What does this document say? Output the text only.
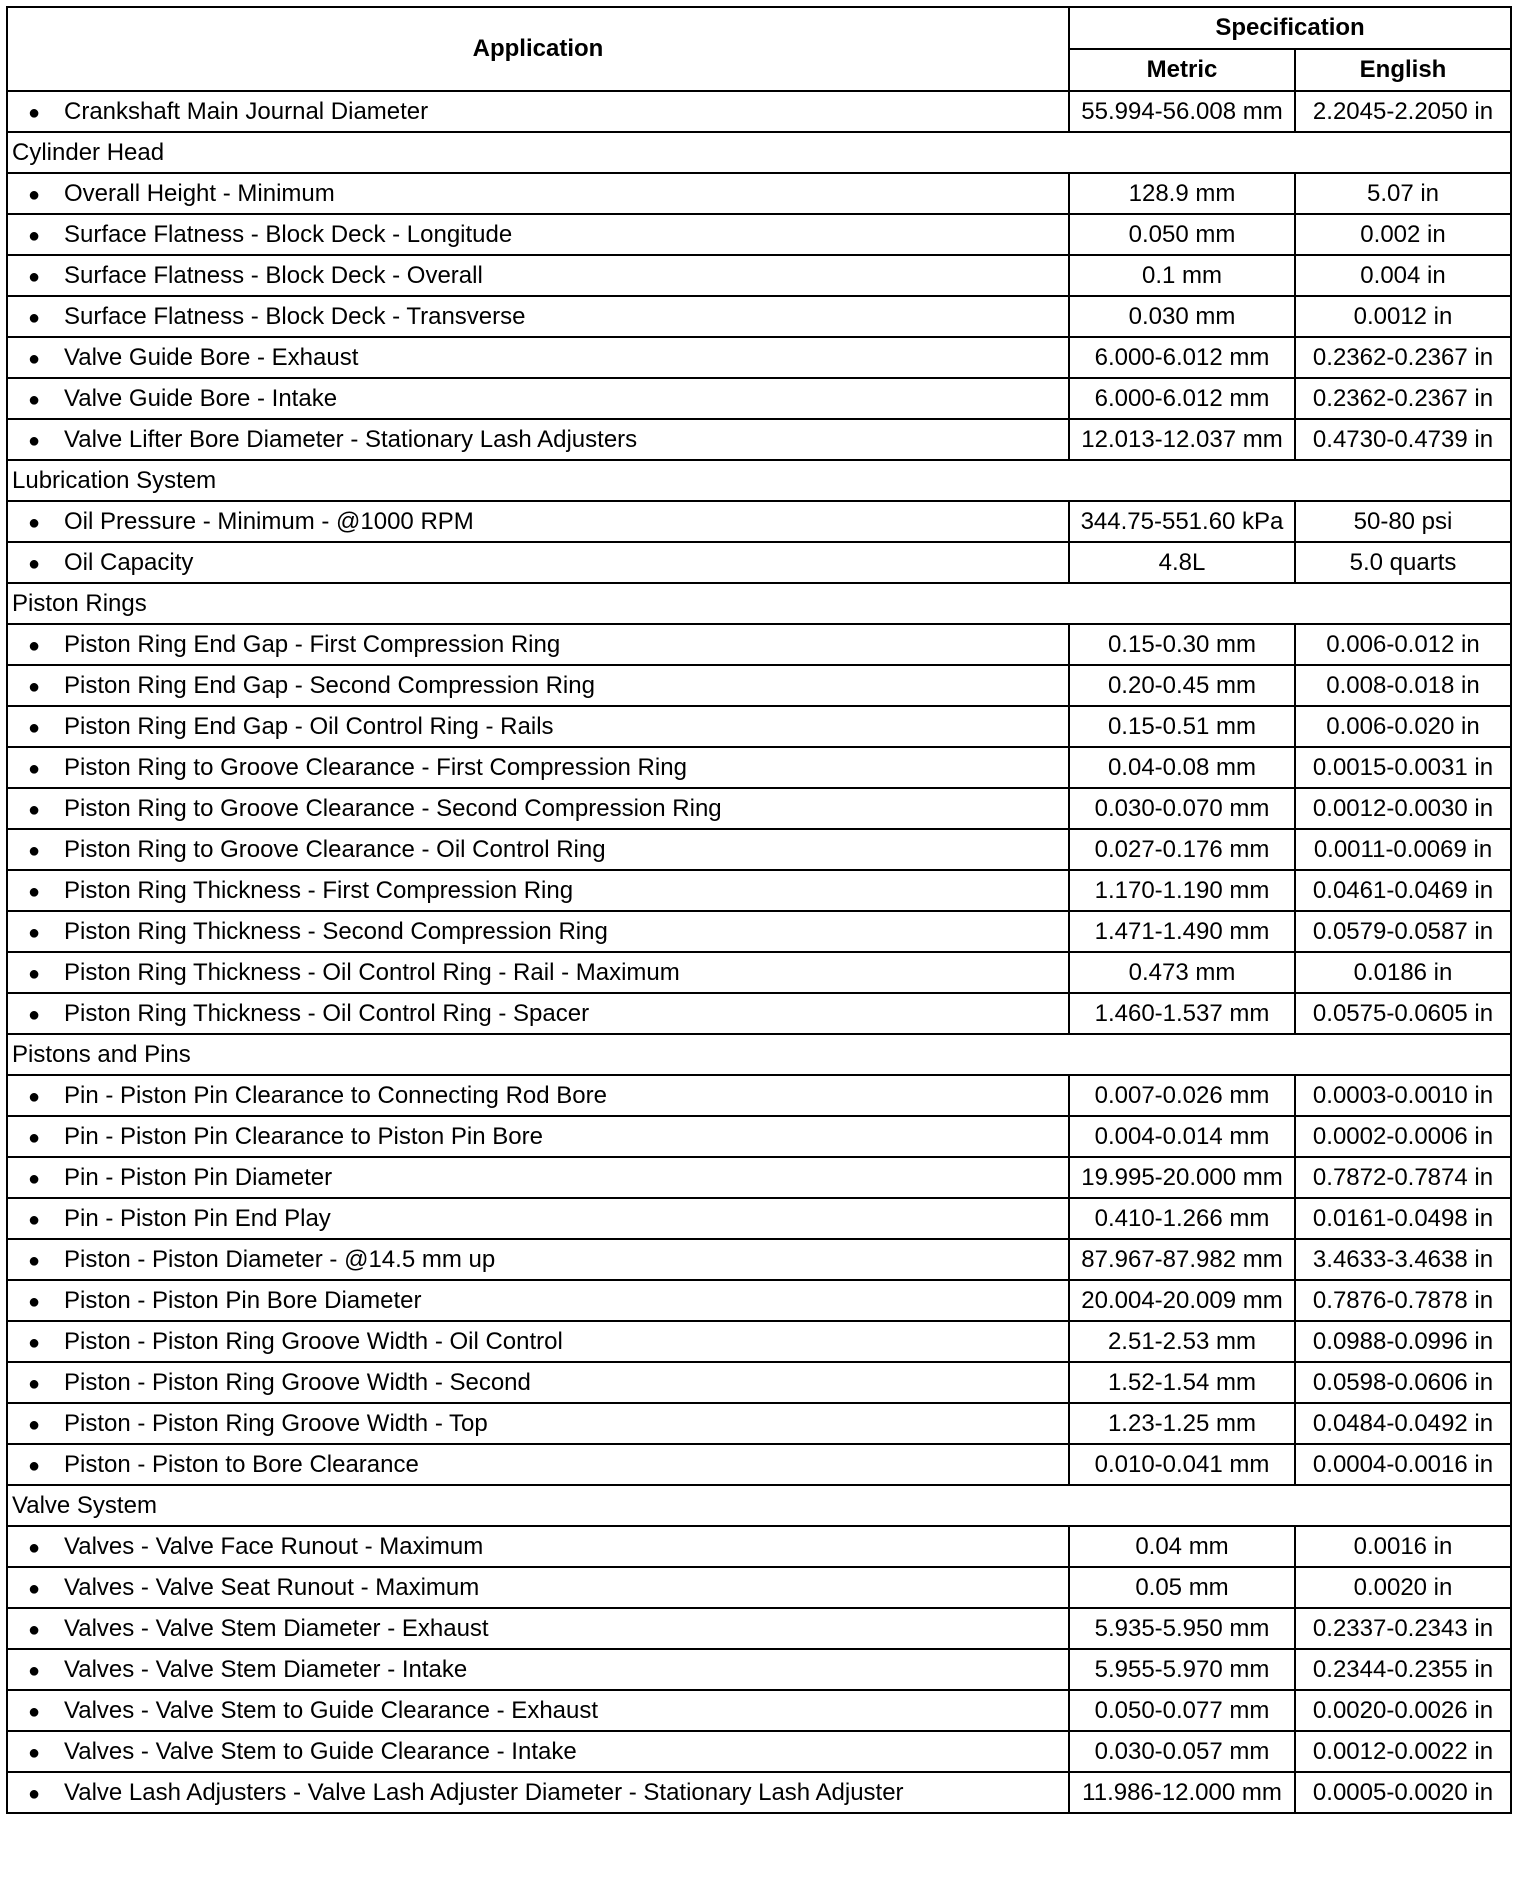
Application	Specification	
	Metric	English
●Crankshaft Main Journal Diameter	55.994-56.008 mm	2.2045-2.2050 in
Cylinder Head		
●Overall Height - Minimum	128.9 mm	5.07 in
●Surface Flatness - Block Deck - Longitude	0.050 mm	0.002 in
●Surface Flatness - Block Deck - Overall	0.1 mm	0.004 in
●Surface Flatness - Block Deck - Transverse	0.030 mm	0.0012 in
●Valve Guide Bore - Exhaust	6.000-6.012 mm	0.2362-0.2367 in
●Valve Guide Bore - Intake	6.000-6.012 mm	0.2362-0.2367 in
●Valve Lifter Bore Diameter - Stationary Lash Adjusters	12.013-12.037 mm	0.4730-0.4739 in
Lubrication System		
●Oil Pressure - Minimum - @1000 RPM	344.75-551.60 kPa	50-80 psi
●Oil Capacity	4.8L	5.0 quarts
Piston Rings		
●Piston Ring End Gap - First Compression Ring	0.15-0.30 mm	0.006-0.012 in
●Piston Ring End Gap - Second Compression Ring	0.20-0.45 mm	0.008-0.018 in
●Piston Ring End Gap - Oil Control Ring - Rails	0.15-0.51 mm	0.006-0.020 in
●Piston Ring to Groove Clearance - First Compression Ring	0.04-0.08 mm	0.0015-0.0031 in
●Piston Ring to Groove Clearance - Second Compression Ring	0.030-0.070 mm	0.0012-0.0030 in
●Piston Ring to Groove Clearance - Oil Control Ring	0.027-0.176 mm	0.0011-0.0069 in
●Piston Ring Thickness - First Compression Ring	1.170-1.190 mm	0.0461-0.0469 in
●Piston Ring Thickness - Second Compression Ring	1.471-1.490 mm	0.0579-0.0587 in
●Piston Ring Thickness - Oil Control Ring - Rail - Maximum	0.473 mm	0.0186 in
●Piston Ring Thickness - Oil Control Ring - Spacer	1.460-1.537 mm	0.0575-0.0605 in
Pistons and Pins		
●Pin - Piston Pin Clearance to Connecting Rod Bore	0.007-0.026 mm	0.0003-0.0010 in
●Pin - Piston Pin Clearance to Piston Pin Bore	0.004-0.014 mm	0.0002-0.0006 in
●Pin - Piston Pin Diameter	19.995-20.000 mm	0.7872-0.7874 in
●Pin - Piston Pin End Play	0.410-1.266 mm	0.0161-0.0498 in
●Piston - Piston Diameter - @14.5 mm up	87.967-87.982 mm	3.4633-3.4638 in
●Piston - Piston Pin Bore Diameter	20.004-20.009 mm	0.7876-0.7878 in
●Piston - Piston Ring Groove Width - Oil Control	2.51-2.53 mm	0.0988-0.0996 in
●Piston - Piston Ring Groove Width - Second	1.52-1.54 mm	0.0598-0.0606 in
●Piston - Piston Ring Groove Width - Top	1.23-1.25 mm	0.0484-0.0492 in
●Piston - Piston to Bore Clearance	0.010-0.041 mm	0.0004-0.0016 in
Valve System		
●Valves - Valve Face Runout - Maximum	0.04 mm	0.0016 in
●Valves - Valve Seat Runout - Maximum	0.05 mm	0.0020 in
●Valves - Valve Stem Diameter - Exhaust	5.935-5.950 mm	0.2337-0.2343 in
●Valves - Valve Stem Diameter - Intake	5.955-5.970 mm	0.2344-0.2355 in
●Valves - Valve Stem to Guide Clearance - Exhaust	0.050-0.077 mm	0.0020-0.0026 in
●Valves - Valve Stem to Guide Clearance - Intake	0.030-0.057 mm	0.0012-0.0022 in
●Valve Lash Adjusters - Valve Lash Adjuster Diameter - Stationary Lash Adjuster	11.986-12.000 mm	0.0005-0.0020 in
